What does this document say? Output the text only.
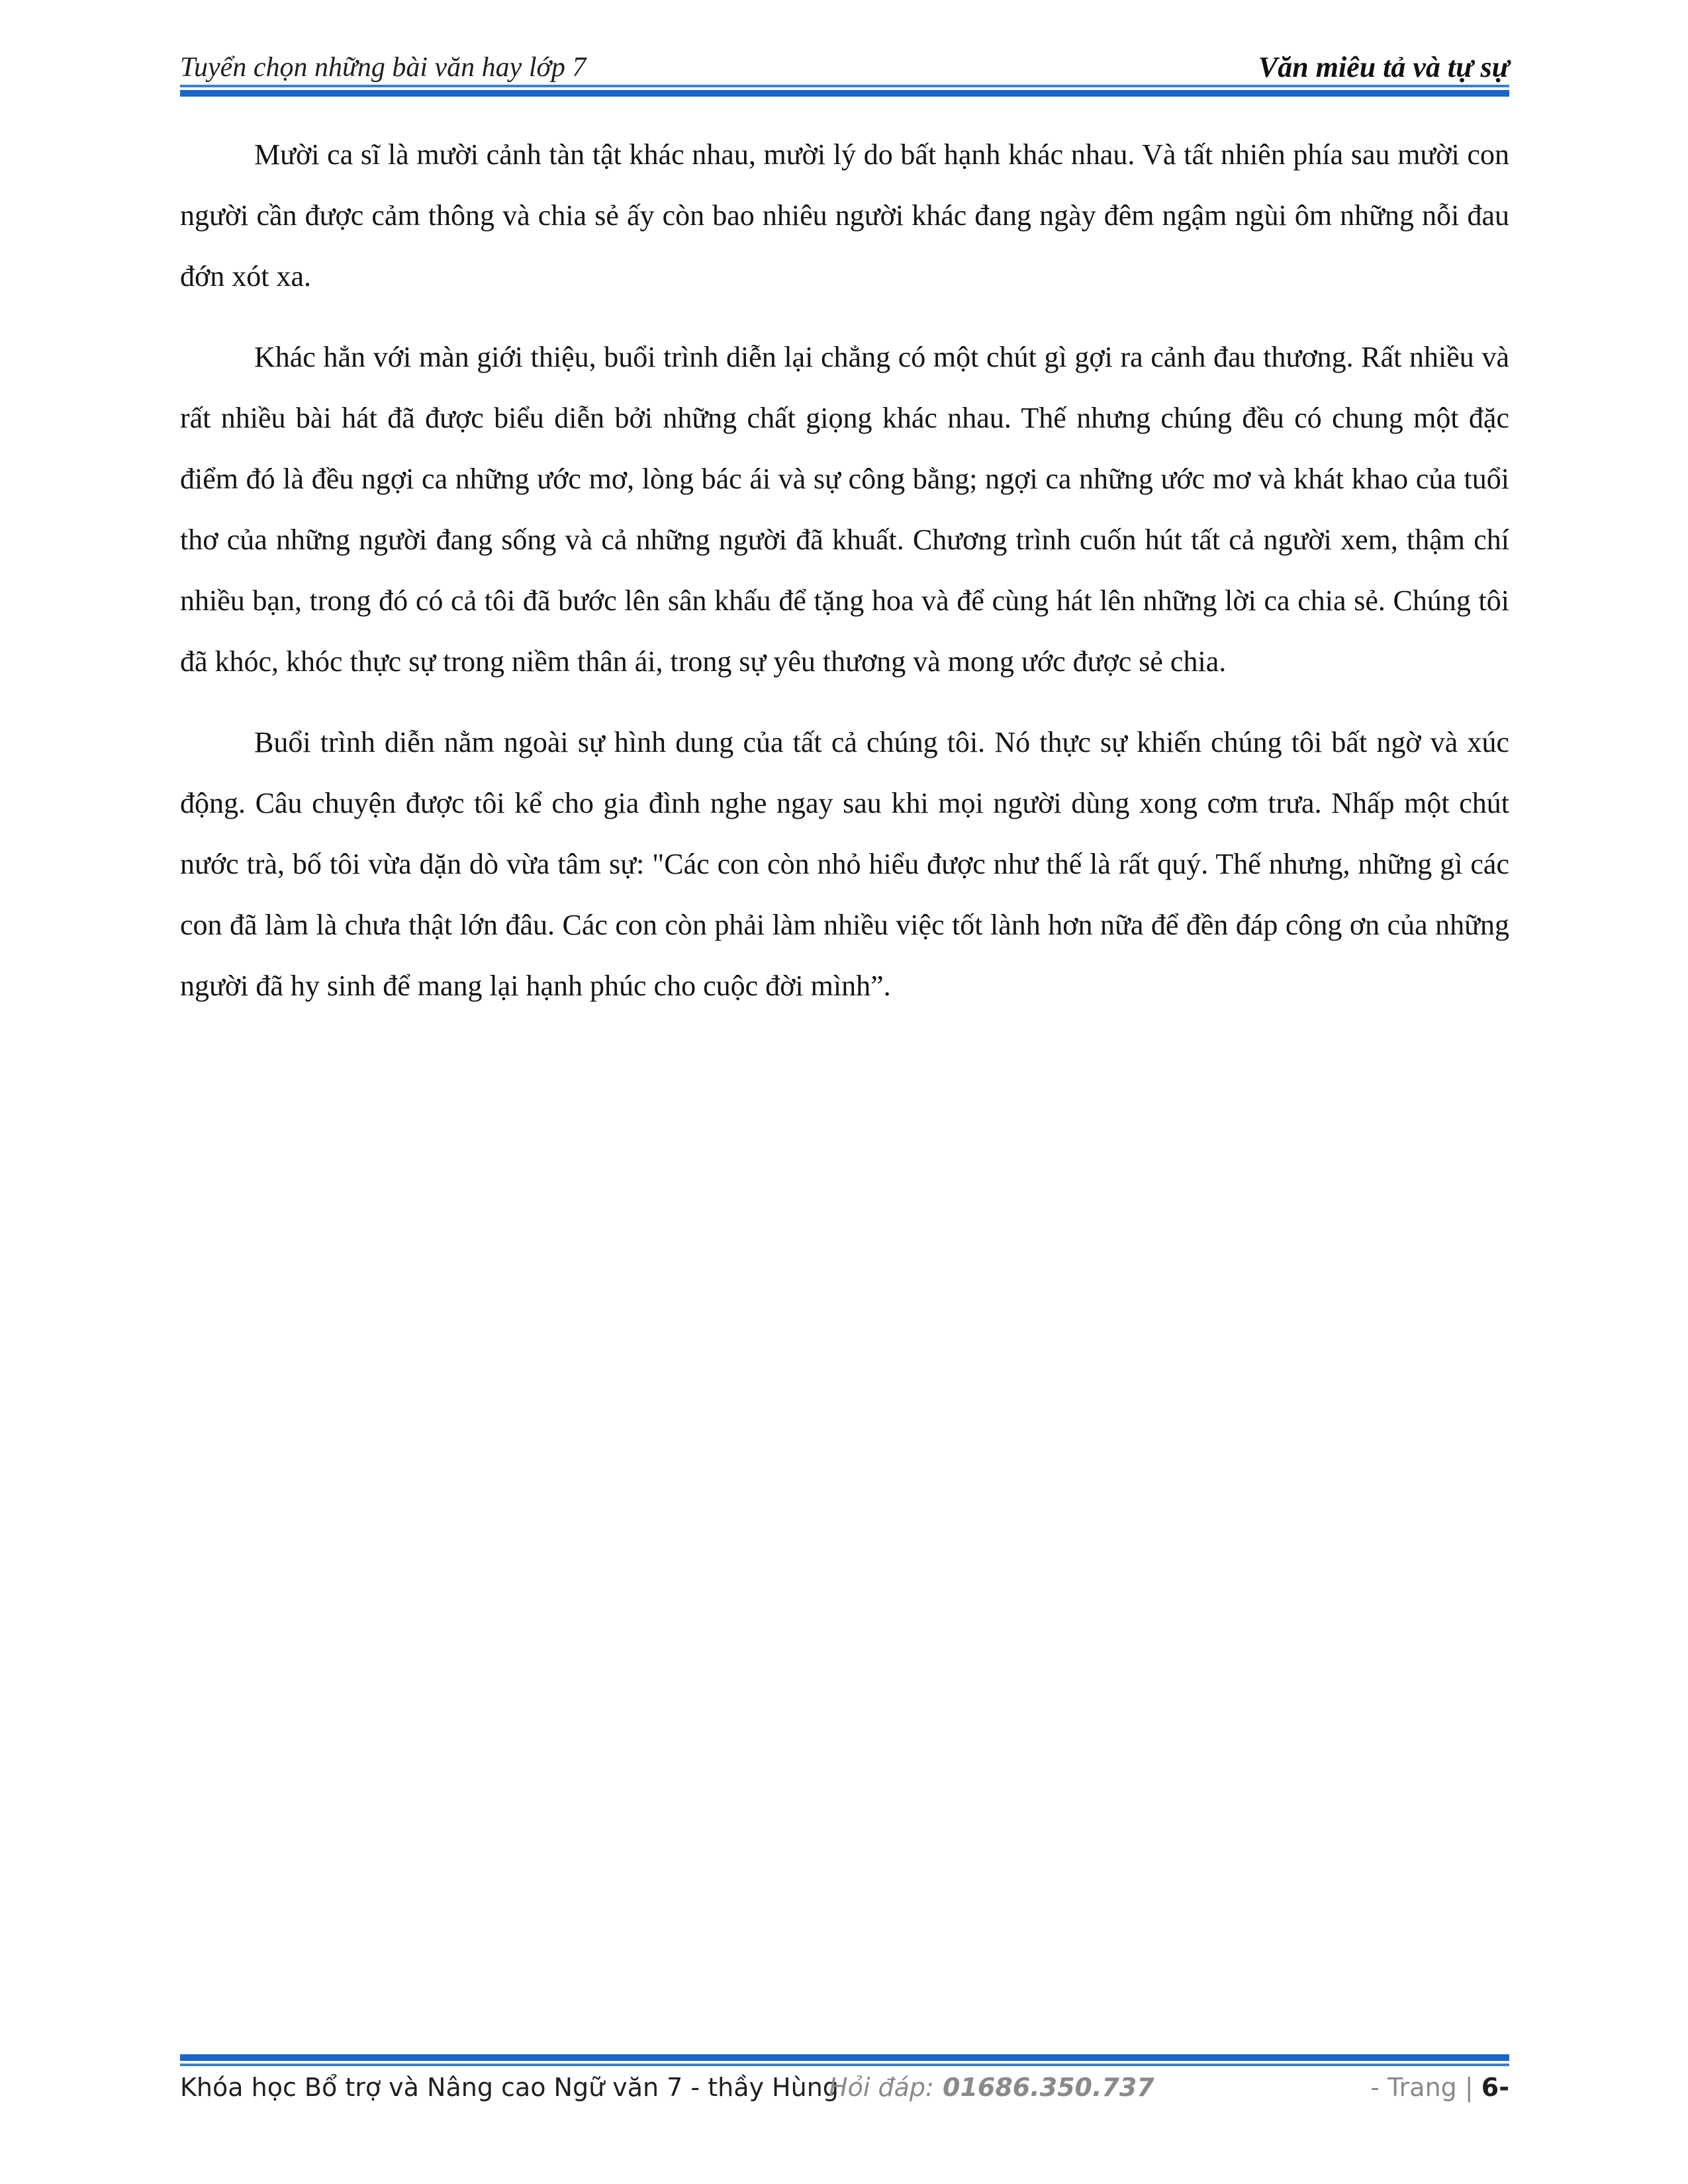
Tuyển chọn những bài văn hay lớp 7	Văn miêu tả và tự sự

Mười ca sĩ là mười cảnh tàn tật khác nhau, mười lý do bất hạnh khác nhau. Và tất nhiên phía sau mười con người cần được cảm thông và chia sẻ ấy còn bao nhiêu người khác đang ngày đêm ngậm ngùi ôm những nỗi đau đớn xót xa.

Khác hẳn với màn giới thiệu, buổi trình diễn lại chẳng có một chút gì gợi ra cảnh đau thương. Rất nhiều và rất nhiều bài hát đã được biểu diễn bởi những chất giọng khác nhau. Thế nhưng chúng đều có chung một đặc điểm đó là đều ngợi ca những ước mơ, lòng bác ái và sự công bằng; ngợi ca những ước mơ và khát khao của tuổi thơ của những người đang sống và cả những người đã khuất. Chương trình cuốn hút tất cả người xem, thậm chí nhiều bạn, trong đó có cả tôi đã bước lên sân khấu để tặng hoa và để cùng hát lên những lời ca chia sẻ. Chúng tôi đã khóc, khóc thực sự trong niềm thân ái, trong sự yêu thương và mong ước được sẻ chia.

Buổi trình diễn nằm ngoài sự hình dung của tất cả chúng tôi. Nó thực sự khiến chúng tôi bất ngờ và xúc động. Câu chuyện được tôi kể cho gia đình nghe ngay sau khi mọi người dùng xong cơm trưa. Nhấp một chút nước trà, bố tôi vừa dặn dò vừa tâm sự: "Các con còn nhỏ hiểu được như thế là rất quý. Thế nhưng, những gì các con đã làm là chưa thật lớn đâu. Các con còn phải làm nhiều việc tốt lành hơn nữa để đền đáp công ơn của những người đã hy sinh để mang lại hạnh phúc cho cuộc đời mình”.

Khóa học Bổ trợ và Nâng cao Ngữ văn 7 - thầy Hùng
Hỏi đáp: 01686.350.737	- Trang | 6-
